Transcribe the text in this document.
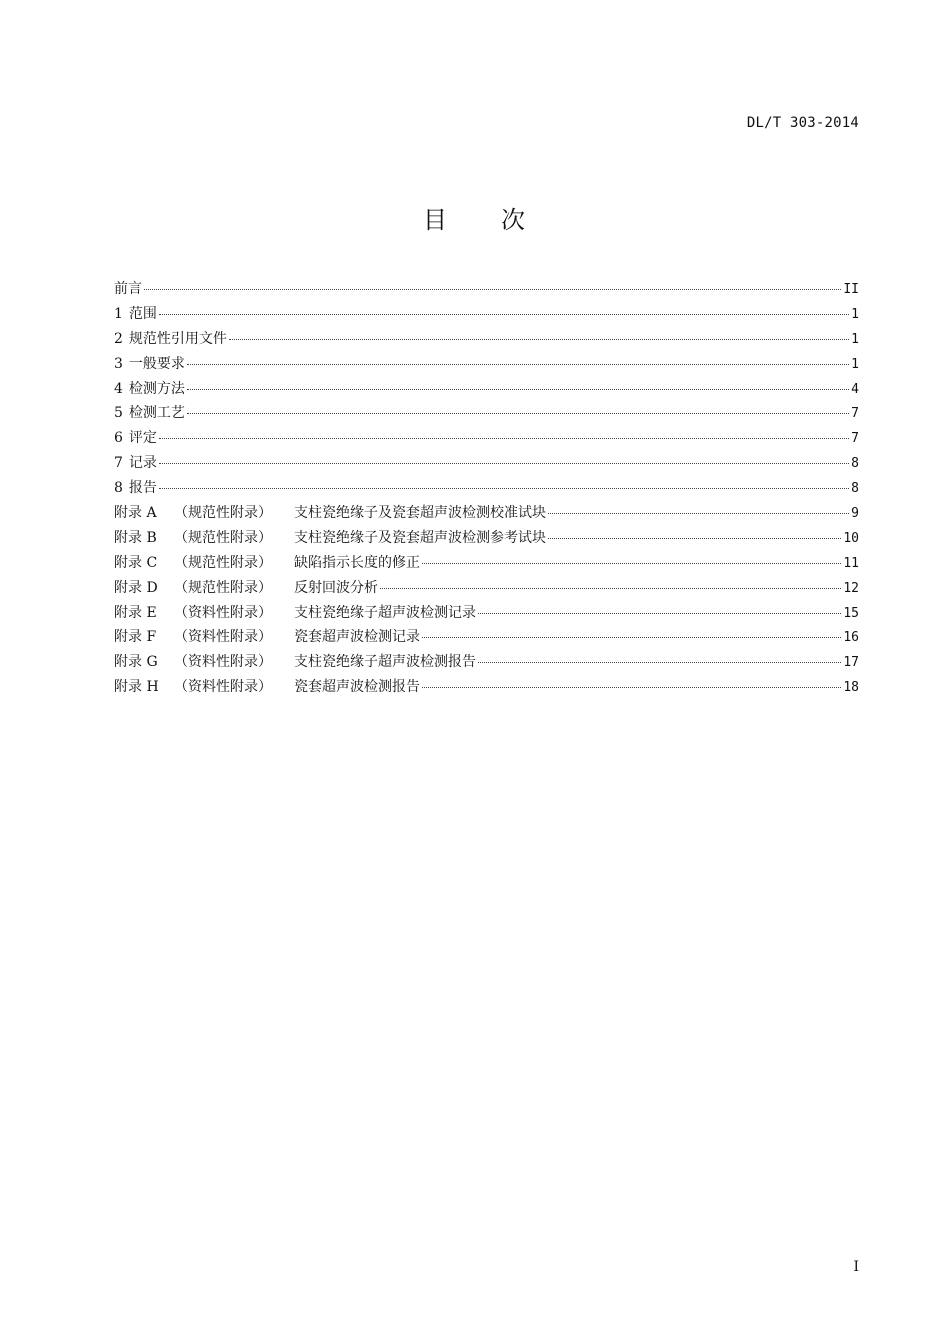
DL/T 303-2014
目 次
前言	II
1 范围	1
2 规范性引用文件	1
3 一般要求	1
4 检测方法	4
5 检测工艺	7
6 评定	7
7 记录	8
8 报告	8
附录 A （规范性附录） 支柱瓷绝缘子及瓷套超声波检测校准试块	9
附录 B （规范性附录） 支柱瓷绝缘子及瓷套超声波检测参考试块	10
附录 C （规范性附录） 缺陷指示长度的修正	11
附录 D （规范性附录） 反射回波分析	12
附录 E （资料性附录） 支柱瓷绝缘子超声波检测记录	15
附录 F （资料性附录） 瓷套超声波检测记录	16
附录 G （资料性附录） 支柱瓷绝缘子超声波检测报告	17
附录 H （资料性附录） 瓷套超声波检测报告	18
I
